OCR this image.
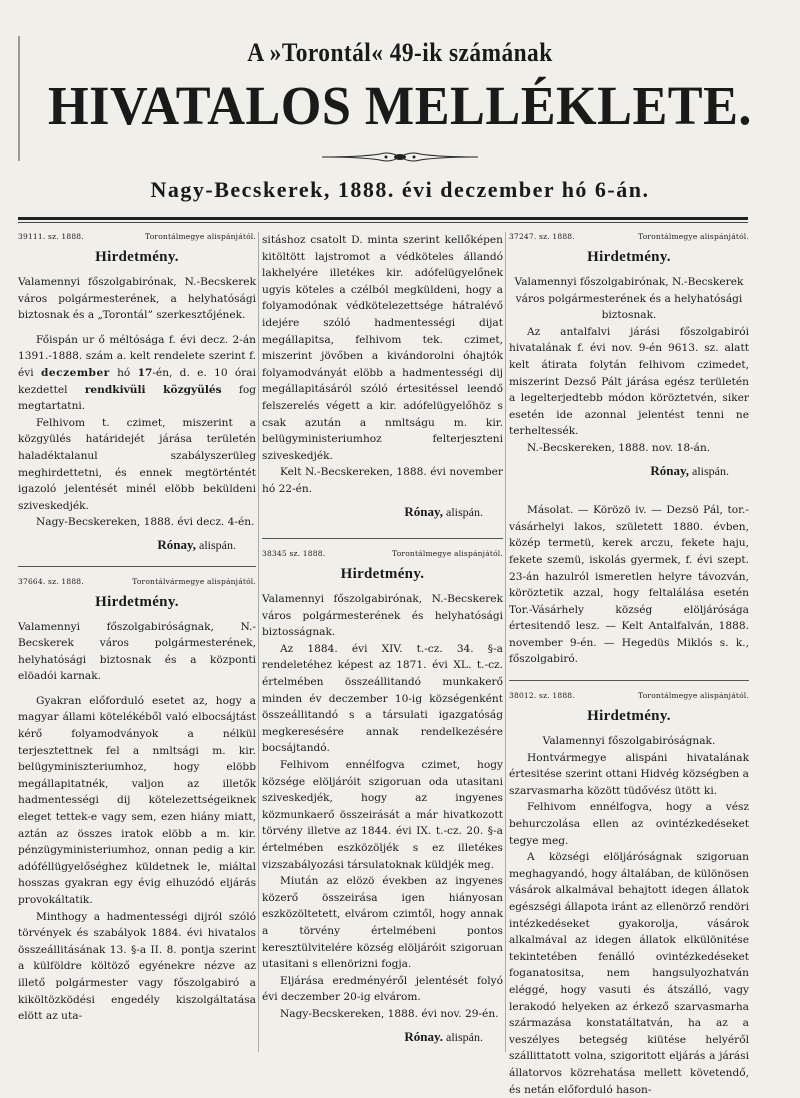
A »Torontál« 49-ik számának

HIVATALOS MELLÉKLETE.

Nagy-Becskerek, 1888. évi deczember hó 6-án.

39111. sz. 1888.	Torontálmegye alispánjától.
Hirdetmény.

Valamennyi főszolgabirónak, N.-Becskerek város polgármesterének, a helyhatósági biztosnak és a „Torontál” szerkesztőjének.

Főispán ur ő méltósága f. évi decz. 2-án 1391.-1888. szám a. kelt rendelete szerint f. évi deczember hó 17-én, d. e. 10 órai kezdettel rendkivüli közgyülés fog megtartatni.

Felhivom t. czimet, miszerint a közgyülés határidejét járása területén haladéktalanul szabályszerüleg meghirdettetni, és ennek megtörténtét igazoló jelentését minél elöbb beküldeni sziveskedjék.

Nagy-Becskereken, 1888. évi decz. 4-én.

Rónay, alispán.

37664. sz. 1888.	Torontálvármegye alispánjától.
Hirdetmény.

Valamennyi főszolgabiróságnak, N.-Becskerek város polgármesterének, helyhatósági biztosnak és a központi elöadói karnak.

Gyakran előforduló esetet az, hogy a magyar állami kötelékéből való elbocsájtást kérő folyamodványok a nélkül terjesztettnek fel a nmltsági m. kir. belügyminiszteriumhoz, hogy elöbb megállapitatnék, valjon az illetők hadmentességi dij kötelezettségeiknek eleget tettek-e vagy sem, ezen hiány miatt, aztán az összes iratok elöbb a m. kir. pénzügyministeriumhoz, onnan pedig a kir. adóféllügyelőséghez küldetnek le, miáltal hosszas gyakran egy évig elhuzódó eljárás provokáltatik.

Minthogy a hadmentességi dijról szóló törvények és szabályok 1884. évi hivatalos összeállitásának 13. §-a II. 8. pontja szerint a külföldre költöző egyénekre nézve az illető polgármester vagy főszolgabiró a kiköltözködési engedély kiszolgáltatása elött az uta-

sitáshoz csatolt D. minta szerint kellőképen kitöltött lajstromot a védköteles állandó lakhelyére illetékes kir. adófelügyelőnek ugyis köteles a czélból megküldeni, hogy a folyamodónak védkötelezettsége hátralévő idejére szóló hadmentességi dijat megállapitsa, felhivom tek. czimet, miszerint jövőben a kivándorolni óhajtók folyamodványát elöbb a hadmentességi dij megállapitásáról szóló értesitéssel leendő felszerelés végett a kir. adófelügyelőhöz s csak azután a nmltságu m. kir. belügyministeriumhoz felterjeszteni sziveskedjék.

Kelt N.-Becskereken, 1888. évi november hó 22-én.

Rónay, alispán.

38345 sz. 1888.	Torontálmegye alispánjától.
Hirdetmény.

Valamennyi főszolgabirónak, N.-Becskerek város polgármesterének és helyhatósági biztosságnak.

Az 1884. évi XIV. t.-cz. 34. §-a rendeletéhez képest az 1871. évi XL. t.-cz. értelmében összeállitandó munkakerő minden év deczember 10-ig községenként összeállitandó s a társulati igazgatóság megkeresésére annak rendelkezésére bocsájtandó.

Felhivom ennélfogva czimet, hogy községe elöljáróit szigoruan oda utasitani sziveskedjék, hogy az ingyenes közmunkaerő összeirását a már hivatkozott törvény illetve az 1844. évi IX. t.-cz. 20. §-a értelmében eszközöljék s ez illetékes vizszabályozási társulatoknak küldjék meg.

Miután az elözö években az ingyenes közerő összeirása igen hiányosan eszközöltetett, elvárom czimtől, hogy annak a törvény értelmébeni pontos keresztülvitelére község elöljáróit szigoruan utasitani s ellenörizni fogja.

Eljárása eredményéről jelentését folyó évi deczember 20-ig elvárom.

Nagy-Becskereken, 1888. évi nov. 29-én.

Rónay. alispán.

37247. sz. 1888.	Torontálmegye alispánjától.
Hirdetmény.

Valamennyi főszolgabirónak, N.-Becskerek város polgármesterének és a helyhatósági biztosnak.

Az antalfalvi járási főszolgabirói hivatalának f. évi nov. 9-én 9613. sz. alatt kelt átirata folytán felhivom czimedet, miszerint Dezső Pált járása egész területén a legelterjedtebb módon köröztetvén, siker esetén ide azonnal jelentést tenni ne terheltessék.

N.-Becskereken, 1888. nov. 18-án.

Rónay, alispán.

Másolat. — Körözö iv. — Dezsö Pál, tor.-vásárhelyi lakos, született 1880. évben, közép termetü, kerek arczu, fekete haju, fekete szemü, iskolás gyermek, f. évi szept. 23-án hazulról ismeretlen helyre távozván, köröztetik azzal, hogy feltalálása esetén Tor.-Vásárhely község elöljárósága értesitendő lesz. — Kelt Antalfalván, 1888. november 9-én. — Hegedüs Miklós s. k., főszolgabiró.

38012. sz. 1888.	Torontálmegye alispánjától.
Hirdetmény.

Valamennyi főszolgabiróságnak.

Hontvármegye alispáni hivatalának értesitése szerint ottani Hidvég községben a szarvasmarha között tüdővész ütött ki.

Felhivom ennélfogva, hogy a vész behurczolása ellen az ovintézkedéseket tegye meg.

A községi elöljáróságnak szigoruan meghagyandó, hogy általában, de különösen vásárok alkalmával behajtott idegen állatok egészségi állapota iránt az ellenörző rendöri intézkedéseket gyakorolja, vásárok alkalmával az idegen állatok elkülönitése tekintetében fenálló ovintézkedéseket foganatositsa, nem hangsulyozhatván eléggé, hogy vasuti és átszálló, vagy lerakodó helyeken az érkező szarvasmarha származása konstatáltatván, ha az a veszélyes betegség kiütése helyéről szállittatott volna, szigoritott eljárás a járási állatorvos közrehatása mellett követendő, és netán előforduló hason-
